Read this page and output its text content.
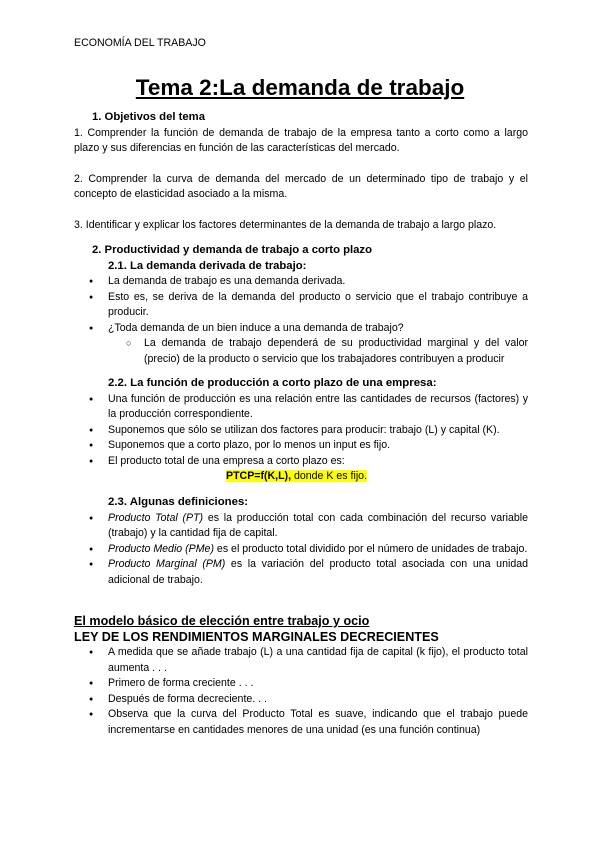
ECONOMÍA DEL TRABAJO
Tema 2:La demanda de trabajo
1. Objetivos del tema
1. Comprender la función de demanda de trabajo de la empresa tanto a corto como a largo plazo y sus diferencias en función de las características del mercado.
2. Comprender la curva de demanda del mercado de un determinado tipo de trabajo y el concepto de elasticidad asociado a la misma.
3. Identificar y explicar los factores determinantes de la demanda de trabajo a largo plazo.
2. Productividad y demanda de trabajo a corto plazo
2.1. La demanda derivada de trabajo:
● La demanda de trabajo es una demanda derivada.
● Esto es, se deriva de la demanda del producto o servicio que el trabajo contribuye a producir.
● ¿Toda demanda de un bien induce a una demanda de trabajo?
○ La demanda de trabajo dependerá de su productividad marginal y del valor (precio) de la producto o servicio que los trabajadores contribuyen a producir
2.2. La función de producción a corto plazo de una empresa:
● Una función de producción es una relación entre las cantidades de recursos (factores) y la producción correspondiente.
● Suponemos que sólo se utilizan dos factores para producir: trabajo (L) y capital (K).
● Suponemos que a corto plazo, por lo menos un input es fijo.
● El producto total de una empresa a corto plazo es:
PTCP=f(K,L), donde K es fijo.
2.3. Algunas definiciones:
● Producto Total (PT) es la producción total con cada combinación del recurso variable (trabajo) y la cantidad fija de capital.
● Producto Medio (PMe) es el producto total dividido por el número de unidades de trabajo.
● Producto Marginal (PM) es la variación del producto total asociada con una unidad adicional de trabajo.
El modelo básico de elección entre trabajo y ocio
LEY DE LOS RENDIMIENTOS MARGINALES DECRECIENTES
● A medida que se añade trabajo (L) a una cantidad fija de capital (k fijo), el producto total aumenta . . .
● Primero de forma creciente . . .
● Después de forma decreciente. . .
● Observa que la curva del Producto Total es suave, indicando que el trabajo puede incrementarse en cantidades menores de una unidad (es una función continua)
